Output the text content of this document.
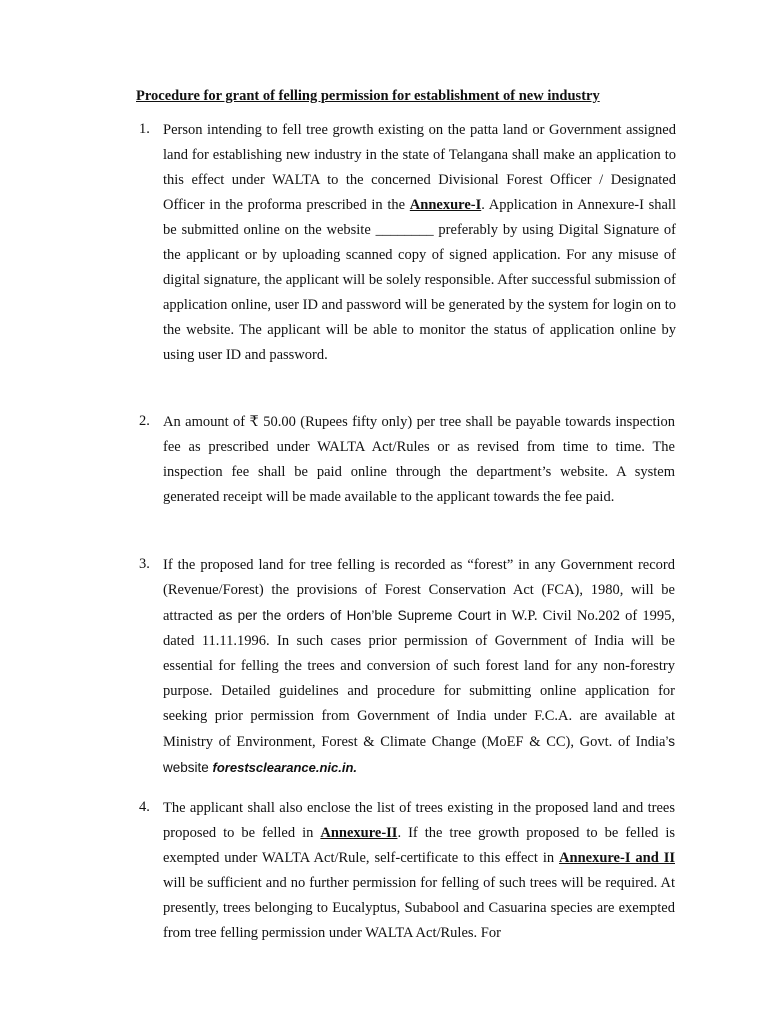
Procedure for grant of felling permission for establishment of new industry
1. Person intending to fell tree growth existing on the patta land or Government assigned land for establishing new industry in the state of Telangana shall make an application to this effect under WALTA to the concerned Divisional Forest Officer / Designated Officer in the proforma prescribed in the Annexure-I. Application in Annexure-I shall be submitted online on the website ________ preferably by using Digital Signature of the applicant or by uploading scanned copy of signed application. For any misuse of digital signature, the applicant will be solely responsible. After successful submission of application online, user ID and password will be generated by the system for login on to the website. The applicant will be able to monitor the status of application online by using user ID and password.
2. An amount of ₹ 50.00 (Rupees fifty only) per tree shall be payable towards inspection fee as prescribed under WALTA Act/Rules or as revised from time to time. The inspection fee shall be paid online through the department’s website. A system generated receipt will be made available to the applicant towards the fee paid.
3. If the proposed land for tree felling is recorded as “forest” in any Government record (Revenue/Forest) the provisions of Forest Conservation Act (FCA), 1980, will be attracted as per the orders of Hon’ble Supreme Court in W.P. Civil No.202 of 1995, dated 11.11.1996. In such cases prior permission of Government of India will be essential for felling the trees and conversion of such forest land for any non-forestry purpose. Detailed guidelines and procedure for submitting online application for seeking prior permission from Government of India under F.C.A. are available at Ministry of Environment, Forest & Climate Change (MoEF & CC), Govt. of India’s website forestsclearance.nic.in.
4. The applicant shall also enclose the list of trees existing in the proposed land and trees proposed to be felled in Annexure-II. If the tree growth proposed to be felled is exempted under WALTA Act/Rule, self-certificate to this effect in Annexure-I and II will be sufficient and no further permission for felling of such trees will be required. At presently, trees belonging to Eucalyptus, Subabool and Casuarina species are exempted from tree felling permission under WALTA Act/Rules. For
